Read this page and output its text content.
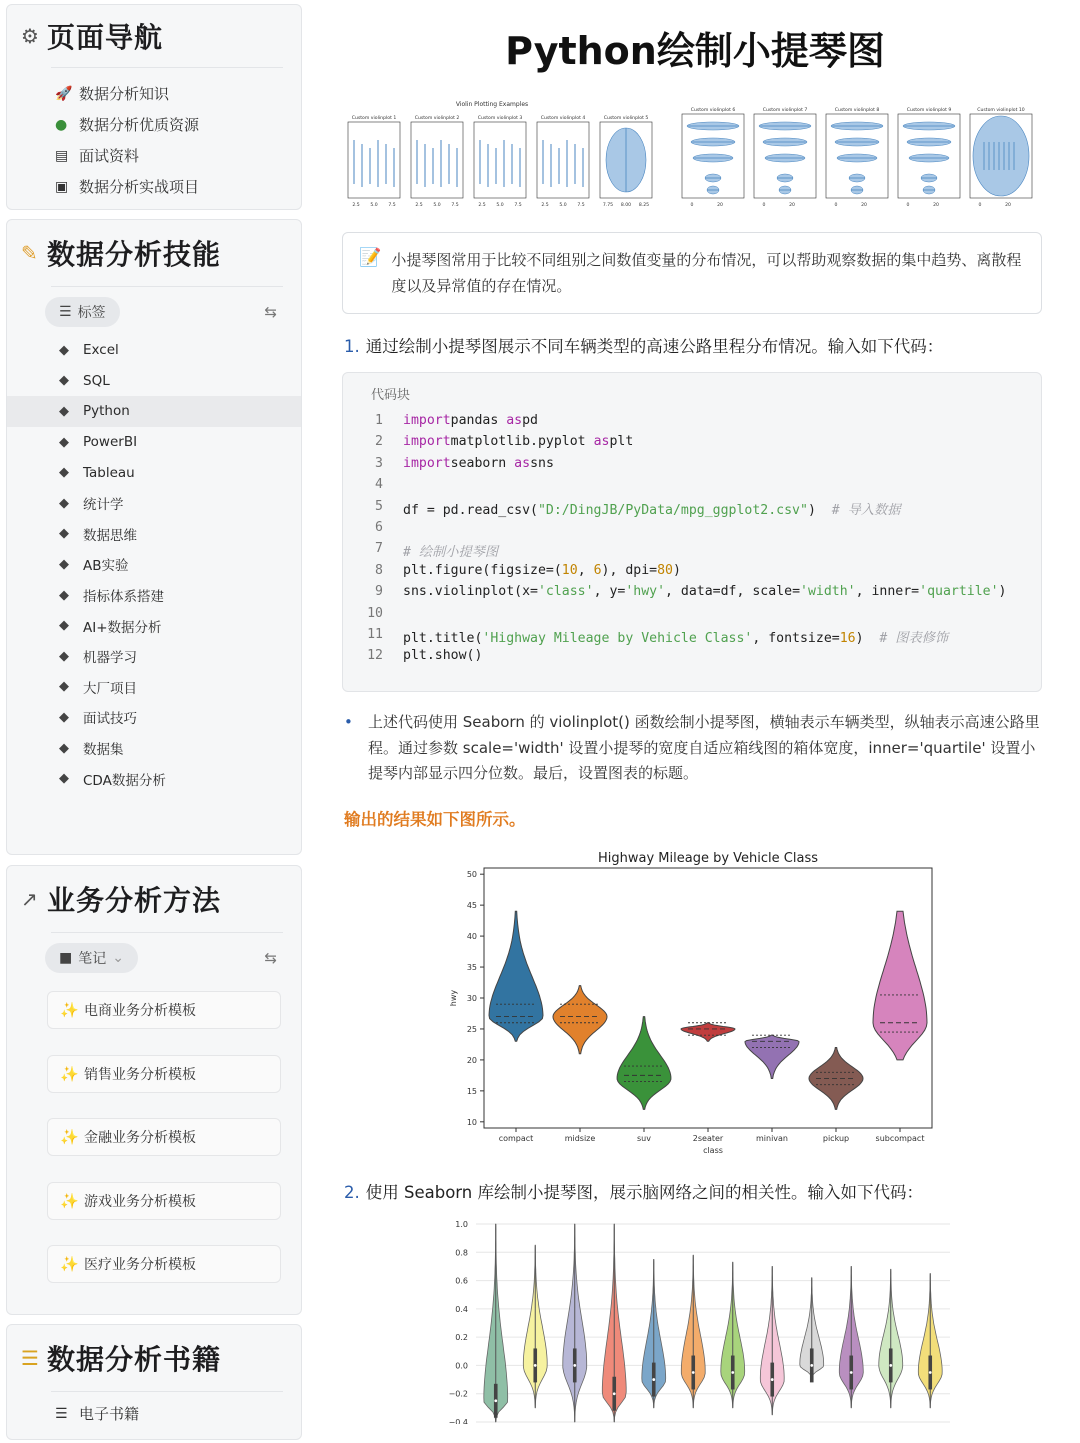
⚙ 页面导航
🚀 数据分析知识
● 数据分析优质资源
▤ 面试资料
▣ 数据分析实战项目
✎ 数据分析技能
☰ 标签	⇆
◆	Excel
◆	SQL
◆	Python
◆	PowerBI
◆	Tableau
◆	统计学
◆	数据思维
◆	AB实验
◆	指标体系搭建
◆	AI+数据分析
◆	机器学习
◆	大厂项目
◆	面试技巧
◆	数据集
◆	CDA数据分析
↗ 业务分析方法
■ 笔记 ⌄	⇆
✨ 电商业务分析模板
✨ 销售业务分析模板
✨ 金融业务分析模板
✨ 游戏业务分析模板
✨ 医疗业务分析模板
☰ 数据分析书籍
☰ 电子书籍
Python绘制小提琴图
Violin Plotting Examples
Custom violinplot 1
2.5 5.0 7.5
Custom violinplot 2
2.5 5.0 7.5
Custom violinplot 3
2.5 5.0 7.5
Custom violinplot 4
2.5 5.0 7.5
Custom violinplot 5
7.75 8.00 8.25
Custom violinplot 6
0	20
Custom violinplot 7
0	20
Custom violinplot 8
0	20
Custom violinplot 9
0	20
Custom violinplot 10
0	20
📝 小提琴图常用于比较不同组别之间数值变量的分布情况，可以帮助观察数据的集中趋势、离散程度以及异常值的存在情况。
1. 通过绘制小提琴图展示不同车辆类型的高速公路里程分布情况。输入如下代码：
代码块
1	importpandas aspd
2	importmatplotlib.pyplot asplt
3	importseaborn assns
4
5	df = pd.read_csv("D:/DingJB/PyData/mpg_ggplot2.csv")  # 导入数据
6
7	# 绘制小提琴图
8	plt.figure(figsize=(10, 6), dpi=80)
9	sns.violinplot(x='class', y='hwy', data=df, scale='width', inner='quartile')
10
11	plt.title('Highway Mileage by Vehicle Class', fontsize=16)  # 图表修饰
12	plt.show()
•	上述代码使用 Seaborn 的 violinplot() 函数绘制小提琴图，横轴表示车辆类型，纵轴表示高速公路里程。通过参数 scale='width' 设置小提琴的宽度自适应箱线图的箱体宽度，inner='quartile' 设置小提琴内部显示四分位数。最后，设置图表的标题。
输出的结果如下图所示。
Highway Mileage by Vehicle Class
10
15
20
25
30
35
40
45
50
hwy
compact	midsize	suv	2seater	minivan	pickup	subcompact
class
2. 使用 Seaborn 库绘制小提琴图，展示脑网络之间的相关性。输入如下代码：
1.0
0.8
0.6
0.4
0.2
0.0
−0.2
−0.4
